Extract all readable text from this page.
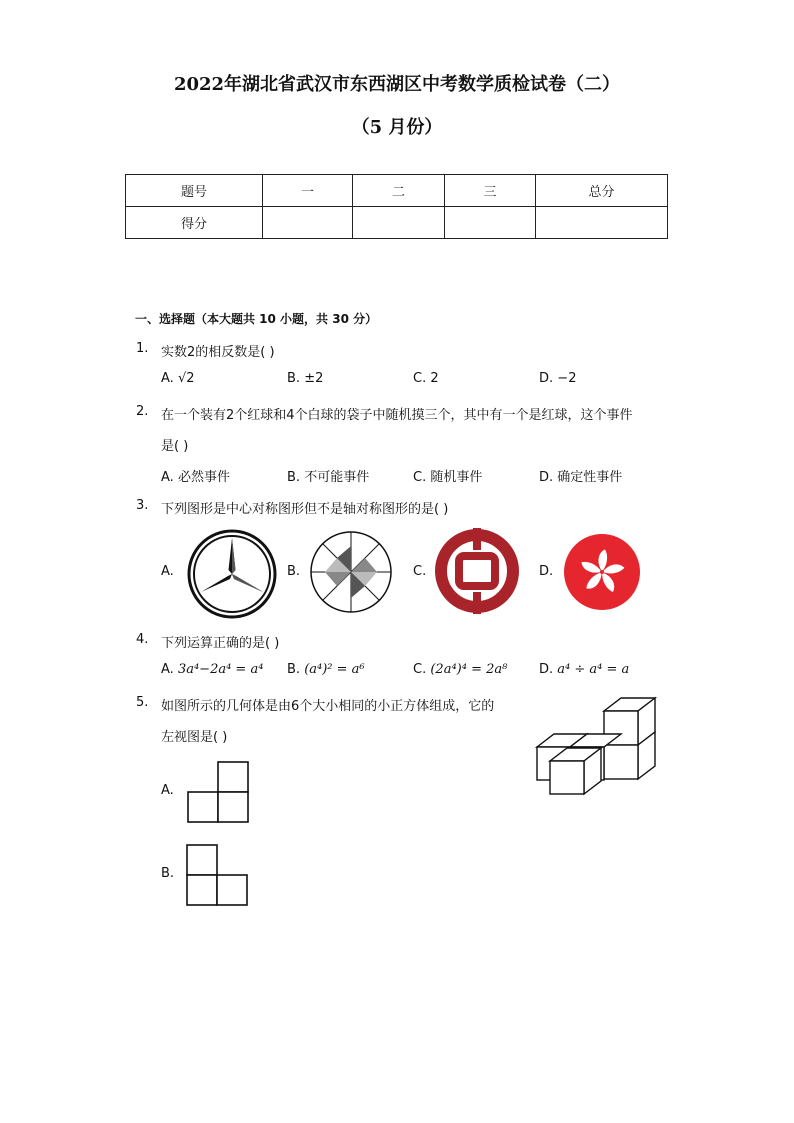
2022年湖北省武汉市东西湖区中考数学质检试卷（二）
（5 月份）
题号	一	二	三	总分
得分				
一、选择题（本大题共 10 小题，共 30 分）
1. 实数2的相反数是( )
A. √2	B. ±2	C. 2	D. −2
2. 在一个装有2个红球和4个白球的袋子中随机摸三个，其中有一个是红球，这个事件
是( )
A. 必然事件	B. 不可能事件	C. 随机事件	D. 确定性事件
3. 下列图形是中心对称图形但不是轴对称图形的是( )
A.	B.	C.	D.
4. 下列运算正确的是( )
A. 3a⁴−2a⁴ = a⁴ B. (a⁴)² = a⁶	C. (2a⁴)⁴ = 2a⁸ D. a⁴ ÷ a⁴ = a
5. 如图所示的几何体是由6个大小相同的小正方体组成，它的
左视图是( )
A.
B.
